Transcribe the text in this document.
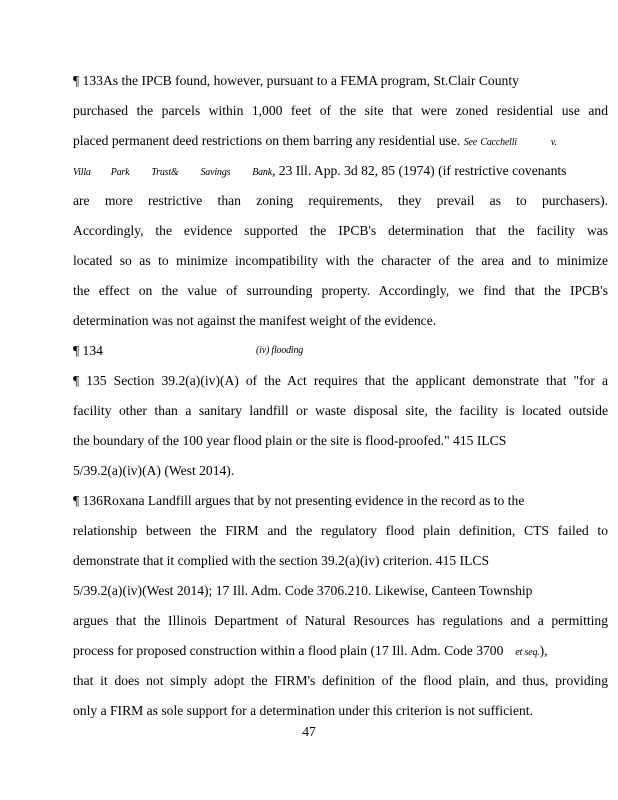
¶ 133As the IPCB found, however, pursuant to a FEMA program, St.Clair County
purchased the parcels within 1,000 feet of the site that were zoned residential use and
placed permanent deed restrictions on them barring any residential use. See Cacchelli	v.
Villa Park Trust& Savings Bank, 23 Ill. App. 3d 82, 85 (1974) (if restrictive covenants
are more restrictive than zoning requirements, they prevail as to purchasers).
Accordingly, the evidence supported the IPCB's determination that the facility was
located so as to minimize incompatibility with the character of the area and to minimize
the effect on the value of surrounding property. Accordingly, we find that the IPCB's
determination was not against the manifest weight of the evidence.
¶ 134	(iv) flooding
¶ 135 Section 39.2(a)(iv)(A) of the Act requires that the applicant demonstrate that "for a
facility other than a sanitary landfill or waste disposal site, the facility is located outside
the boundary of the 100 year flood plain or the site is flood-proofed." 415 ILCS
5/39.2(a)(iv)(A) (West 2014).
¶ 136Roxana Landfill argues that by not presenting evidence in the record as to the
relationship between the FIRM and the regulatory flood plain definition, CTS failed to
demonstrate that it complied with the section 39.2(a)(iv) criterion. 415 ILCS
5/39.2(a)(iv)(West 2014); 17 Ill. Adm. Code 3706.210. Likewise, Canteen Township
argues that the Illinois Department of Natural Resources has regulations and a permitting
process for proposed construction within a flood plain (17 Ill. Adm. Code 3700 et seq.),
that it does not simply adopt the FIRM's definition of the flood plain, and thus, providing
only a FIRM as sole support for a determination under this criterion is not sufficient.
47
